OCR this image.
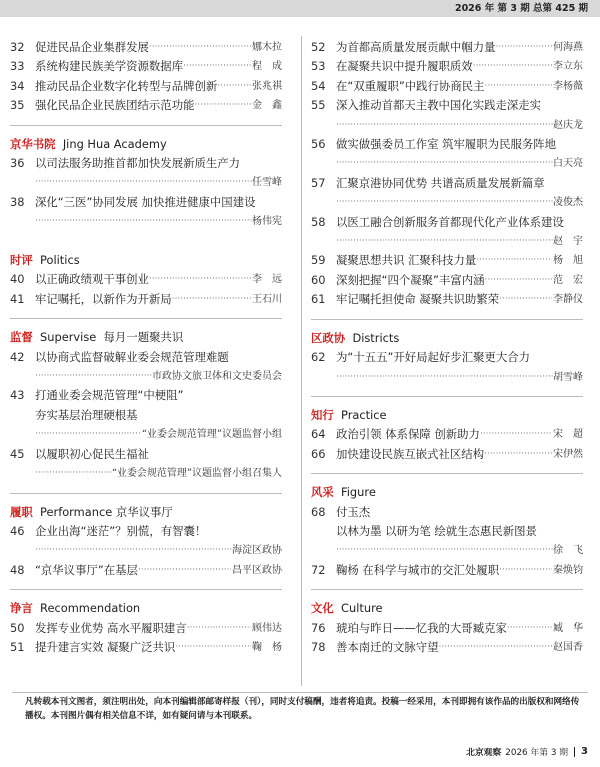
2026 年 第 3 期 总第 425 期
32 促进民品企业集群发展 ·····	娜木拉
33 系统构建民族美学资源数据库 ·····	程　成
34 推动民品企业数字化转型与品牌创新 ·····	张兆祺
35 强化民品企业民族团结示范功能 ·····	金　鑫
京华书院 Jing Hua Academy
36 以司法服务助推首都加快发展新质生产力
·····
任雪峰
38 深化“三医”协同发展 加快推进健康中国建设
·····
杨伟宪
时评 Politics
40 以正确政绩观干事创业 ·····	李　远
41 牢记嘱托，以新作为开新局 ·····	王石川
监督 Supervise 每月一题聚共识
42 以协商式监督破解业委会规范管理难题
·····
市政协文旅卫体和文史委员会
43 打通业委会规范管理“中梗阻”
夯实基层治理硬根基
·····
“业委会规范管理”议题监督小组
45 以履职初心促民生福祉
·····
“业委会规范管理”议题监督小组召集人
履职 Performance 京华议事厅
46 企业出海“迷茫”？别慌，有智囊！
·····
海淀区政协
48 “京华议事厅”在基层 ·····	昌平区政协
诤言 Recommendation
50 发挥专业优势 高水平履职建言 ·····	顾伟达
51 提升建言实效 凝聚广泛共识 ·····	鞠　杨
52 为首都高质量发展贡献中帼力量 ·····	何海燕
53 在凝聚共识中提升履职质效 ·····	李立东
54 在“双重履职”中践行协商民主 ·····	李杨薇
55 深入推动首都天主教中国化实践走深走实
·····
赵庆龙
56 做实做强委员工作室 筑牢履职为民服务阵地
·····
白天亮
57 汇聚京港协同优势 共谱高质量发展新篇章
·····
凌俊杰
58 以医工融合创新服务首都现代化产业体系建设
·····
赵　宇
59 凝聚思想共识 汇聚科技力量 ·····	杨　旭
60 深刻把握“四个凝聚”丰富内涵 ·····	范　宏
61 牢记嘱托担使命 凝聚共识助繁荣 ·····	李静仪
区政协 Districts
62 为“十五五”开好局起好步汇聚更大合力
·····
胡雪峰
知行 Practice
64 政治引领 体系保障 创新助力 ·····	宋　超
66 加快建设民族互嵌式社区结构 ·····	宋伊然
风采 Figure
68 付玉杰
以林为墨 以研为笔 绘就生态惠民新图景
·····
徐　飞
72 鞠杨 在科学与城市的交汇处履职 ·····	秦焕钧
文化 Culture
76 琥珀与昨日——忆我的大哥臧克家 ·····	臧　华
78 善本南迁的文脉守望 ·····	赵国香
凡转载本刊文图者，须注明出处，向本刊编辑部邮寄样报（刊），同时支付稿酬，违者将追责。投稿一经采用，本刊即拥有该作品的出版权和网络传播权。本刊图片偶有相关信息不详，如有疑问请与本刊联系。
北京观察 2026 年第 3 期 3
